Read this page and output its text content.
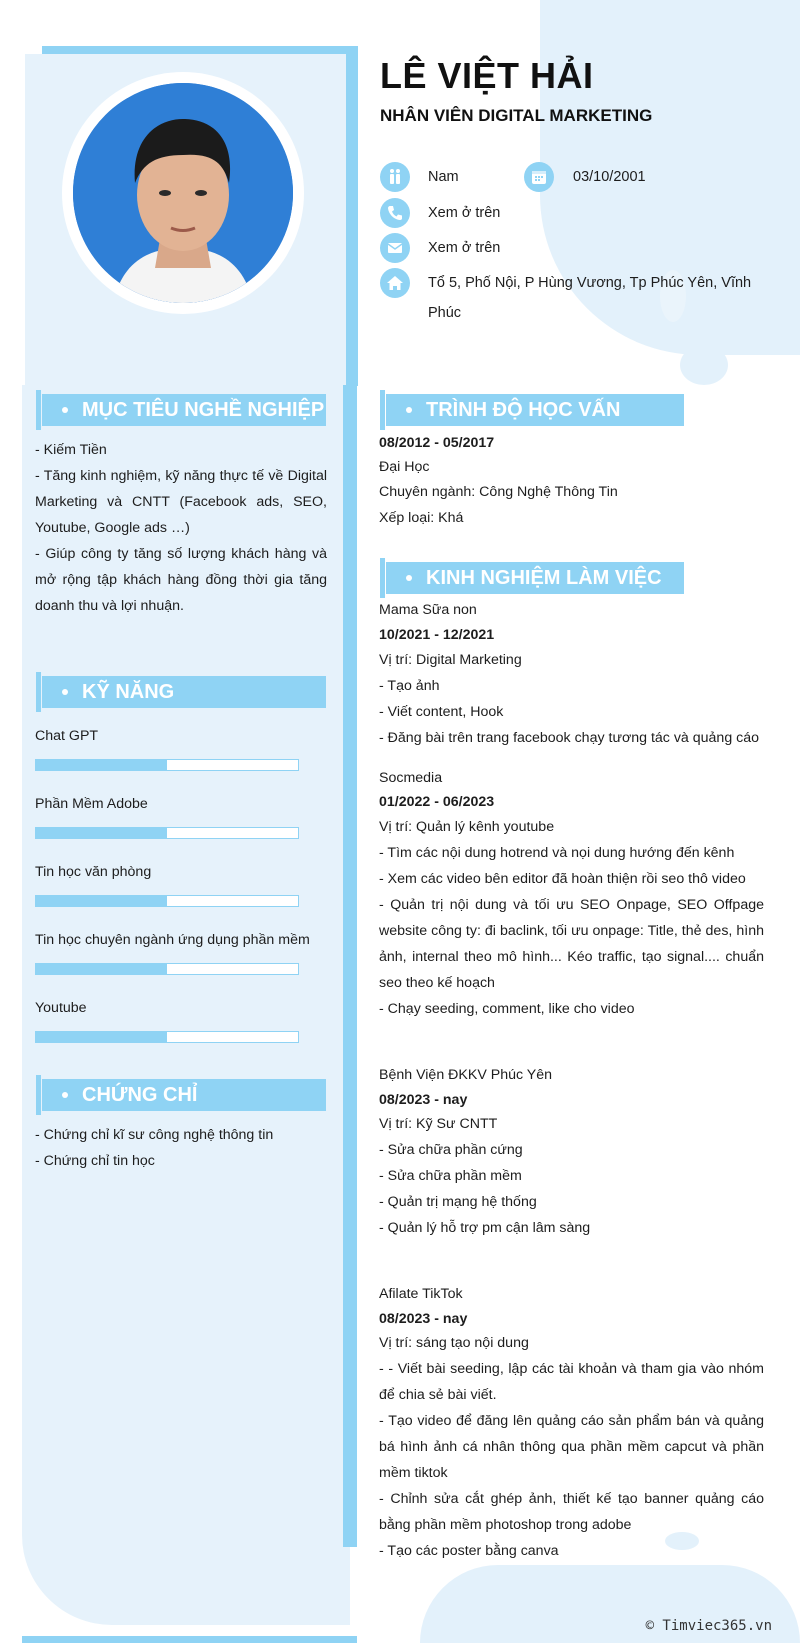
LÊ VIỆT HẢI
NHÂN VIÊN DIGITAL MARKETING
Nam	03/10/2001
Xem ở trên
Xem ở trên
Tổ 5, Phố Nội, P Hùng Vương, Tp Phúc Yên, Vĩnh
Phúc
MỤC TIÊU NGHỀ NGHIỆP
- Kiếm Tiền
- Tăng kinh nghiệm, kỹ năng thực tế về Digital Marketing và CNTT (Facebook ads, SEO, Youtube, Google ads …)
- Giúp công ty tăng số lượng khách hàng và mở rộng tập khách hàng đồng thời gia tăng doanh thu và lợi nhuận.
KỸ NĂNG
Chat GPT
Phần Mềm Adobe
Tin học văn phòng
Tin học chuyên ngành ứng dụng phần mềm
Youtube
CHỨNG CHỈ
- Chứng chỉ kĩ sư công nghệ thông tin
- Chứng chỉ tin học
TRÌNH ĐỘ HỌC VẤN
08/2012 - 05/2017
Đại Học
Chuyên ngành: Công Nghệ Thông Tin
Xếp loại: Khá
KINH NGHIỆM LÀM VIỆC
Mama Sữa non
10/2021 - 12/2021
Vị trí: Digital Marketing
- Tạo ảnh
- Viết content, Hook
- Đăng bài trên trang facebook chạy tương tác và quảng cáo
Socmedia
01/2022 - 06/2023
Vị trí: Quản lý kênh youtube
- Tìm các nội dung hotrend và nọi dung hướng đến kênh
- Xem các video bên editor đã hoàn thiện rồi seo thô video
- Quản trị nội dung và tối ưu SEO Onpage, SEO Offpage website công ty: đi baclink, tối ưu onpage: Title, thẻ des, hình ảnh, internal theo mô hình... Kéo traffic, tạo signal.... chuẩn seo theo kế hoạch
- Chạy seeding, comment, like cho video
Bệnh Viện ĐKKV Phúc Yên
08/2023 - nay
Vị trí: Kỹ Sư CNTT
- Sửa chữa phần cứng
- Sửa chữa phần mềm
- Quản trị mạng hệ thống
- Quản lý hỗ trợ pm cận lâm sàng
Afilate TikTok
08/2023 - nay
Vị trí: sáng tạo nội dung
- - Viết bài seeding, lập các tài khoản và tham gia vào nhóm để chia sẻ bài viết.
- Tạo video để đăng lên quảng cáo sản phẩm bán và quảng bá hình ảnh cá nhân thông qua phần mềm capcut và phần mềm tiktok
- Chỉnh sửa cắt ghép ảnh, thiết kế tạo banner quảng cáo bằng phần mềm photoshop trong adobe
- Tạo các poster bằng canva
© Timviec365.vn
